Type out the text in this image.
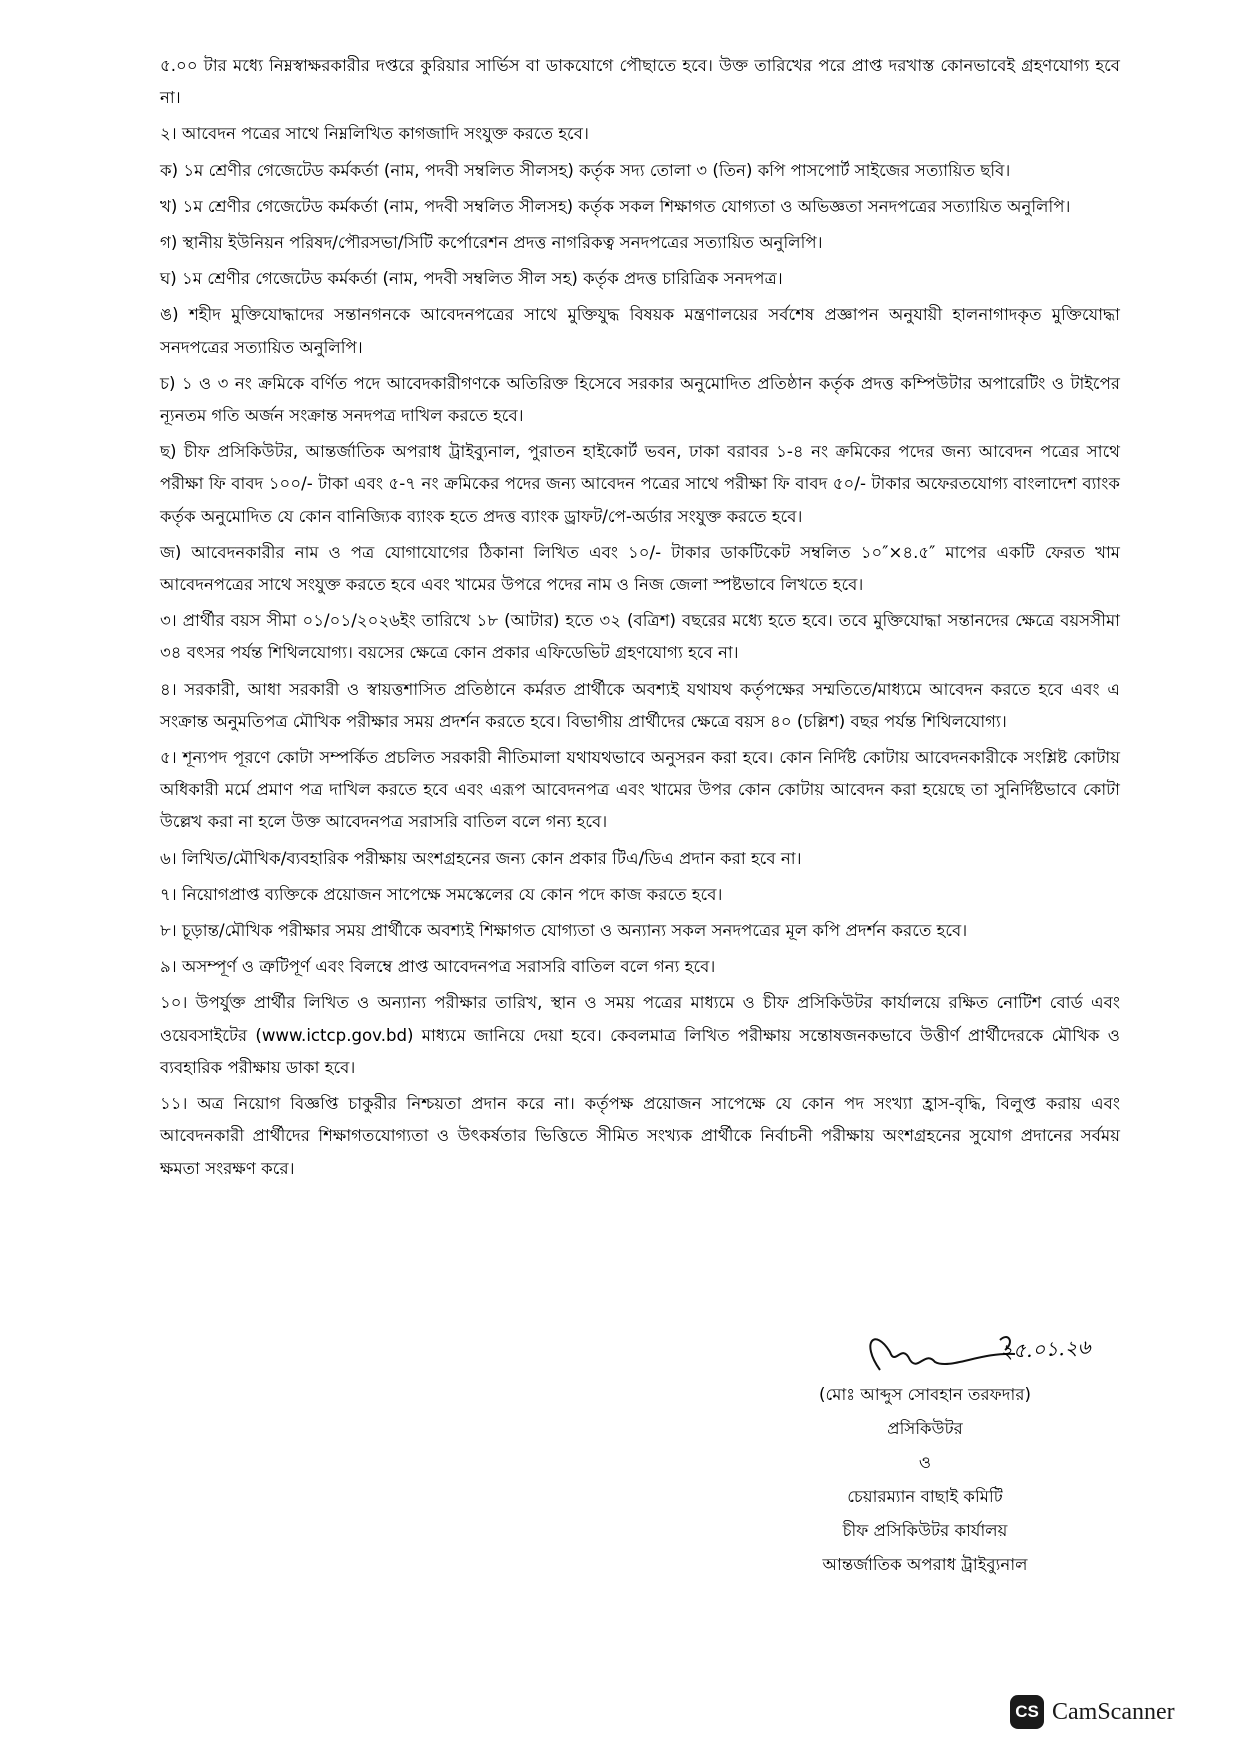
৫.০০ টার মধ্যে নিম্নস্বাক্ষরকারীর দপ্তরে কুরিয়ার সার্ভিস বা ডাকযোগে পৌছাতে হবে। উক্ত তারিখের পরে প্রাপ্ত দরখাস্ত কোনভাবেই গ্রহণযোগ্য হবে না।

২। আবেদন পত্রের সাথে নিম্নলিখিত কাগজাদি সংযুক্ত করতে হবে।

ক) ১ম শ্রেণীর গেজেটেড কর্মকর্তা (নাম, পদবী সম্বলিত সীলসহ) কর্তৃক সদ্য তোলা ৩ (তিন) কপি পাসপোর্ট সাইজের সত্যায়িত ছবি।

খ) ১ম শ্রেণীর গেজেটেড কর্মকর্তা (নাম, পদবী সম্বলিত সীলসহ) কর্তৃক সকল শিক্ষাগত যোগ্যতা ও অভিজ্ঞতা সনদপত্রের সত্যায়িত অনুলিপি।

গ) স্থানীয় ইউনিয়ন পরিষদ/পৌরসভা/সিটি কর্পোরেশন প্রদত্ত নাগরিকত্ব সনদপত্রের সত্যায়িত অনুলিপি।

ঘ) ১ম শ্রেণীর গেজেটেড কর্মকর্তা (নাম, পদবী সম্বলিত সীল সহ) কর্তৃক প্রদত্ত চারিত্রিক সনদপত্র।

ঙ) শহীদ মুক্তিযোদ্ধাদের সন্তানগনকে আবেদনপত্রের সাথে মুক্তিযুদ্ধ বিষয়ক মন্ত্রণালয়ের সর্বশেষ প্রজ্ঞাপন অনুযায়ী হালনাগাদকৃত মুক্তিযোদ্ধা সনদপত্রের সত্যায়িত অনুলিপি।

চ) ১ ও ৩ নং ক্রমিকে বর্ণিত পদে আবেদকারীগণকে অতিরিক্ত হিসেবে সরকার অনুমোদিত প্রতিষ্ঠান কর্তৃক প্রদত্ত কম্পিউটার অপারেটিং ও টাইপের ন্যূনতম গতি অর্জন সংক্রান্ত সনদপত্র দাখিল করতে হবে।

ছ) চীফ প্রসিকিউটর, আন্তর্জাতিক অপরাধ ট্রাইব্যুনাল, পুরাতন হাইকোর্ট ভবন, ঢাকা বরাবর ১-৪ নং ক্রমিকের পদের জন্য আবেদন পত্রের সাথে পরীক্ষা ফি বাবদ ১০০/- টাকা এবং ৫-৭ নং ক্রমিকের পদের জন্য আবেদন পত্রের সাথে পরীক্ষা ফি বাবদ ৫০/- টাকার অফেরতযোগ্য বাংলাদেশ ব্যাংক কর্তৃক অনুমোদিত যে কোন বানিজ্যিক ব্যাংক হতে প্রদত্ত ব্যাংক ড্রাফট/পে-অর্ডার সংযুক্ত করতে হবে।

জ) আবেদনকারীর নাম ও পত্র যোগাযোগের ঠিকানা লিখিত এবং ১০/- টাকার ডাকটিকেট সম্বলিত ১০″×৪.৫″ মাপের একটি ফেরত খাম আবেদনপত্রের সাথে সংযুক্ত করতে হবে এবং খামের উপরে পদের নাম ও নিজ জেলা স্পষ্টভাবে লিখতে হবে।

৩। প্রার্থীর বয়স সীমা ০১/০১/২০২৬ইং তারিখে ১৮ (আটার) হতে ৩২ (বত্রিশ) বছরের মধ্যে হতে হবে। তবে মুক্তিযোদ্ধা সন্তানদের ক্ষেত্রে বয়সসীমা ৩৪ বৎসর পর্যন্ত শিথিলযোগ্য। বয়সের ক্ষেত্রে কোন প্রকার এফিডেভিট গ্রহণযোগ্য হবে না।

৪। সরকারী, আধা সরকারী ও স্বায়ত্তশাসিত প্রতিষ্ঠানে কর্মরত প্রার্থীকে অবশ্যই যথাযথ কর্তৃপক্ষের সম্মতিতে/মাধ্যমে আবেদন করতে হবে এবং এ সংক্রান্ত অনুমতিপত্র মৌখিক পরীক্ষার সময় প্রদর্শন করতে হবে। বিভাগীয় প্রার্থীদের ক্ষেত্রে বয়স ৪০ (চল্লিশ) বছর পর্যন্ত শিথিলযোগ্য।

৫। শূন্যপদ পূরণে কোটা সম্পর্কিত প্রচলিত সরকারী নীতিমালা যথাযথভাবে অনুসরন করা হবে। কোন নির্দিষ্ট কোটায় আবেদনকারীকে সংশ্লিষ্ট কোটায় অধিকারী মর্মে প্রমাণ পত্র দাখিল করতে হবে এবং এরূপ আবেদনপত্র এবং খামের উপর কোন কোটায় আবেদন করা হয়েছে তা সুনির্দিষ্টভাবে কোটা উল্লেখ করা না হলে উক্ত আবেদনপত্র সরাসরি বাতিল বলে গন্য হবে।

৬। লিখিত/মৌখিক/ব্যবহারিক পরীক্ষায় অংশগ্রহনের জন্য কোন প্রকার টিএ/ডিএ প্রদান করা হবে না।

৭। নিয়োগপ্রাপ্ত ব্যক্তিকে প্রয়োজন সাপেক্ষে সমস্কেলের যে কোন পদে কাজ করতে হবে।

৮। চূড়ান্ত/মৌখিক পরীক্ষার সময় প্রার্থীকে অবশ্যই শিক্ষাগত যোগ্যতা ও অন্যান্য সকল সনদপত্রের মূল কপি প্রদর্শন করতে হবে।

৯। অসম্পূর্ণ ও ত্রুটিপূর্ণ এবং বিলম্বে প্রাপ্ত আবেদনপত্র সরাসরি বাতিল বলে গন্য হবে।

১০। উপর্যুক্ত প্রার্থীর লিখিত ও অন্যান্য পরীক্ষার তারিখ, স্থান ও সময় পত্রের মাধ্যমে ও চীফ প্রসিকিউটর কার্যালয়ে রক্ষিত নোটিশ বোর্ড এবং ওয়েবসাইটের (www.ictcp.gov.bd) মাধ্যমে জানিয়ে দেয়া হবে। কেবলমাত্র লিখিত পরীক্ষায় সন্তোষজনকভাবে উত্তীর্ণ প্রার্থীদেরকে মৌখিক ও ব্যবহারিক পরীক্ষায় ডাকা হবে।

১১। অত্র নিয়োগ বিজ্ঞপ্তি চাকুরীর নিশ্চয়তা প্রদান করে না। কর্তৃপক্ষ প্রয়োজন সাপেক্ষে যে কোন পদ সংখ্যা হ্রাস-বৃদ্ধি, বিলুপ্ত করায় এবং আবেদনকারী প্রার্থীদের শিক্ষাগতযোগ্যতা ও উৎকর্ষতার ভিত্তিতে সীমিত সংখ্যক প্রার্থীকে নির্বাচনী পরীক্ষায় অংশগ্রহনের সুযোগ প্রদানের সর্বময় ক্ষমতা সংরক্ষণ করে।

২৫.০১.২৬
(মোঃ আব্দুস সোবহান তরফদার)
প্রসিকিউটর
ও
চেয়ারম্যান বাছাই কমিটি
চীফ প্রসিকিউটর কার্যালয়
আন্তর্জাতিক অপরাধ ট্রাইব্যুনাল
CS CamScanner
